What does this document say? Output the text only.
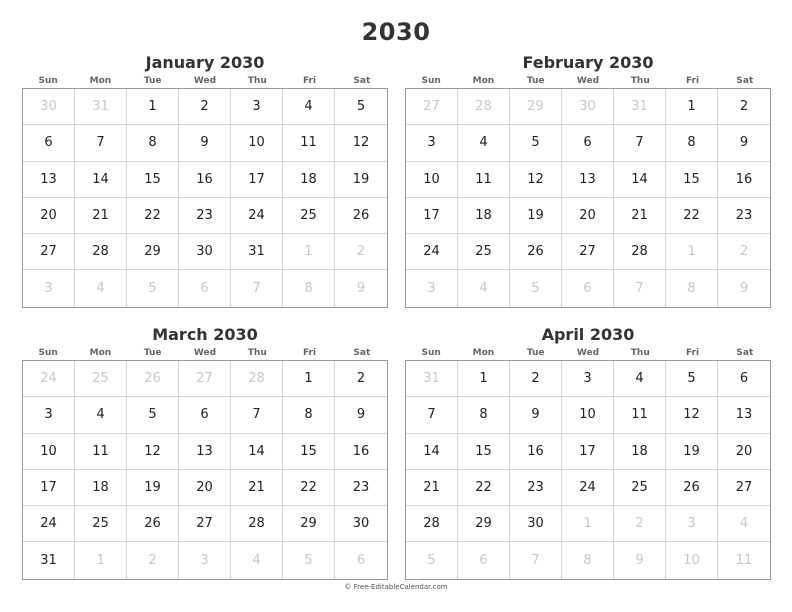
2030
January 2030
Sun	Mon	Tue	Wed	Thu	Fri	Sat
30	31	1	2	3	4	5
6	7	8	9	10	11	12
13	14	15	16	17	18	19
20	21	22	23	24	25	26
27	28	29	30	31	1	2
3	4	5	6	7	8	9
February 2030
Sun	Mon	Tue	Wed	Thu	Fri	Sat
27	28	29	30	31	1	2
3	4	5	6	7	8	9
10	11	12	13	14	15	16
17	18	19	20	21	22	23
24	25	26	27	28	1	2
3	4	5	6	7	8	9
March 2030
Sun	Mon	Tue	Wed	Thu	Fri	Sat
24	25	26	27	28	1	2
3	4	5	6	7	8	9
10	11	12	13	14	15	16
17	18	19	20	21	22	23
24	25	26	27	28	29	30
31	1	2	3	4	5	6
April 2030
Sun	Mon	Tue	Wed	Thu	Fri	Sat
31	1	2	3	4	5	6
7	8	9	10	11	12	13
14	15	16	17	18	19	20
21	22	23	24	25	26	27
28	29	30	1	2	3	4
5	6	7	8	9	10	11
© Free-EditableCalendar.com
